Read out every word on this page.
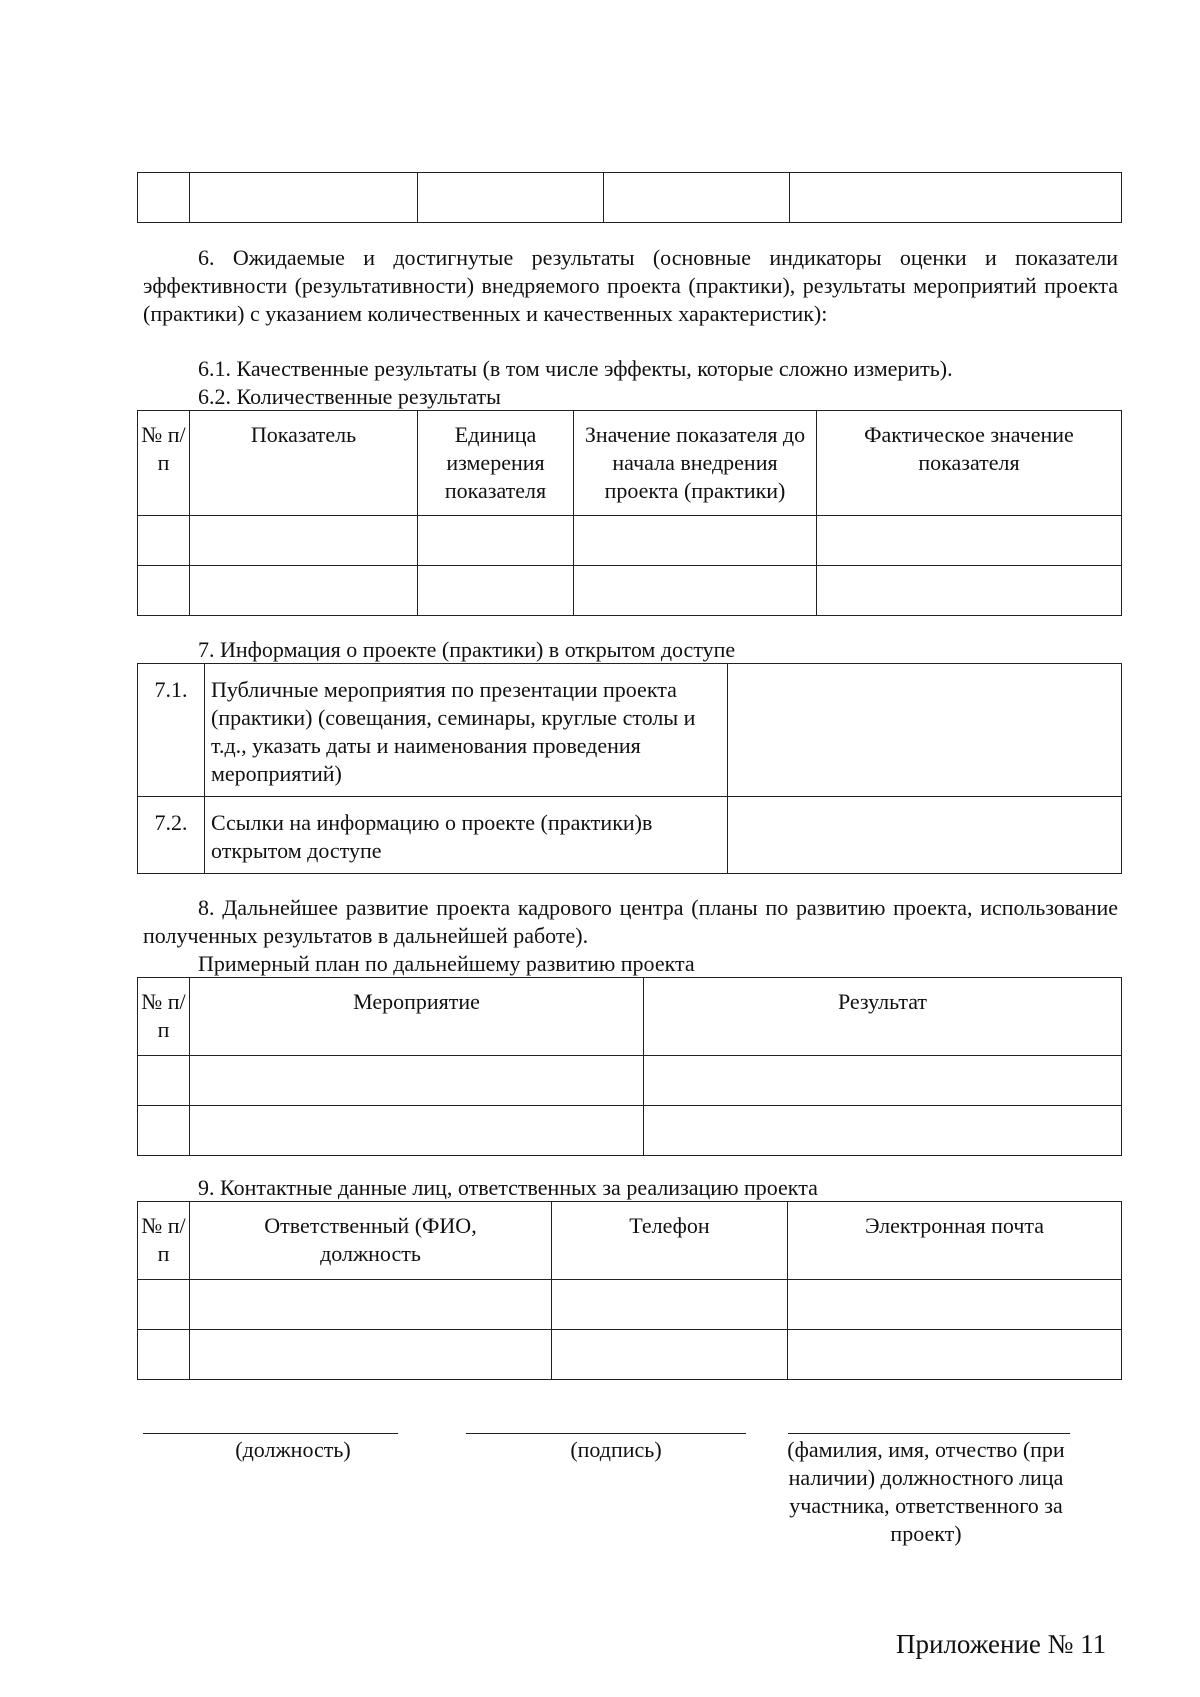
6. Ожидаемые и достигнутые результаты (основные индикаторы оценки и показатели эффективности (результативности) внедряемого проекта (практики), результаты мероприятий проекта (практики) с указанием количественных и качественных характеристик):
6.1. Качественные результаты (в том числе эффекты, которые сложно измерить).
6.2. Количественные результаты
№ п/п	Показатель	Единица измерения показателя	Значение показателя до начала внедрения проекта (практики)	Фактическое значение показателя

7. Информация о проекте (практики) в открытом доступе
7.1.	Публичные мероприятия по презентации проекта (практики) (совещания, семинары, круглые столы и т.д., указать даты и наименования проведения мероприятий)	
7.2.	Ссылки на информацию о проекте (практики)в открытом доступе	
8. Дальнейшее развитие проекта кадрового центра (планы по развитию проекта, использование полученных результатов в дальнейшей работе).
Примерный план по дальнейшему развитию проекта
№ п/п	Мероприятие	Результат

9. Контактные данные лиц, ответственных за реализацию проекта
№ п/п	Ответственный (ФИО, должность	Телефон	Электронная почта

(должность)	(подпись)	(фамилия, имя, отчество (при наличии) должностного лица участника, ответственного за проект)
Приложение № 11
